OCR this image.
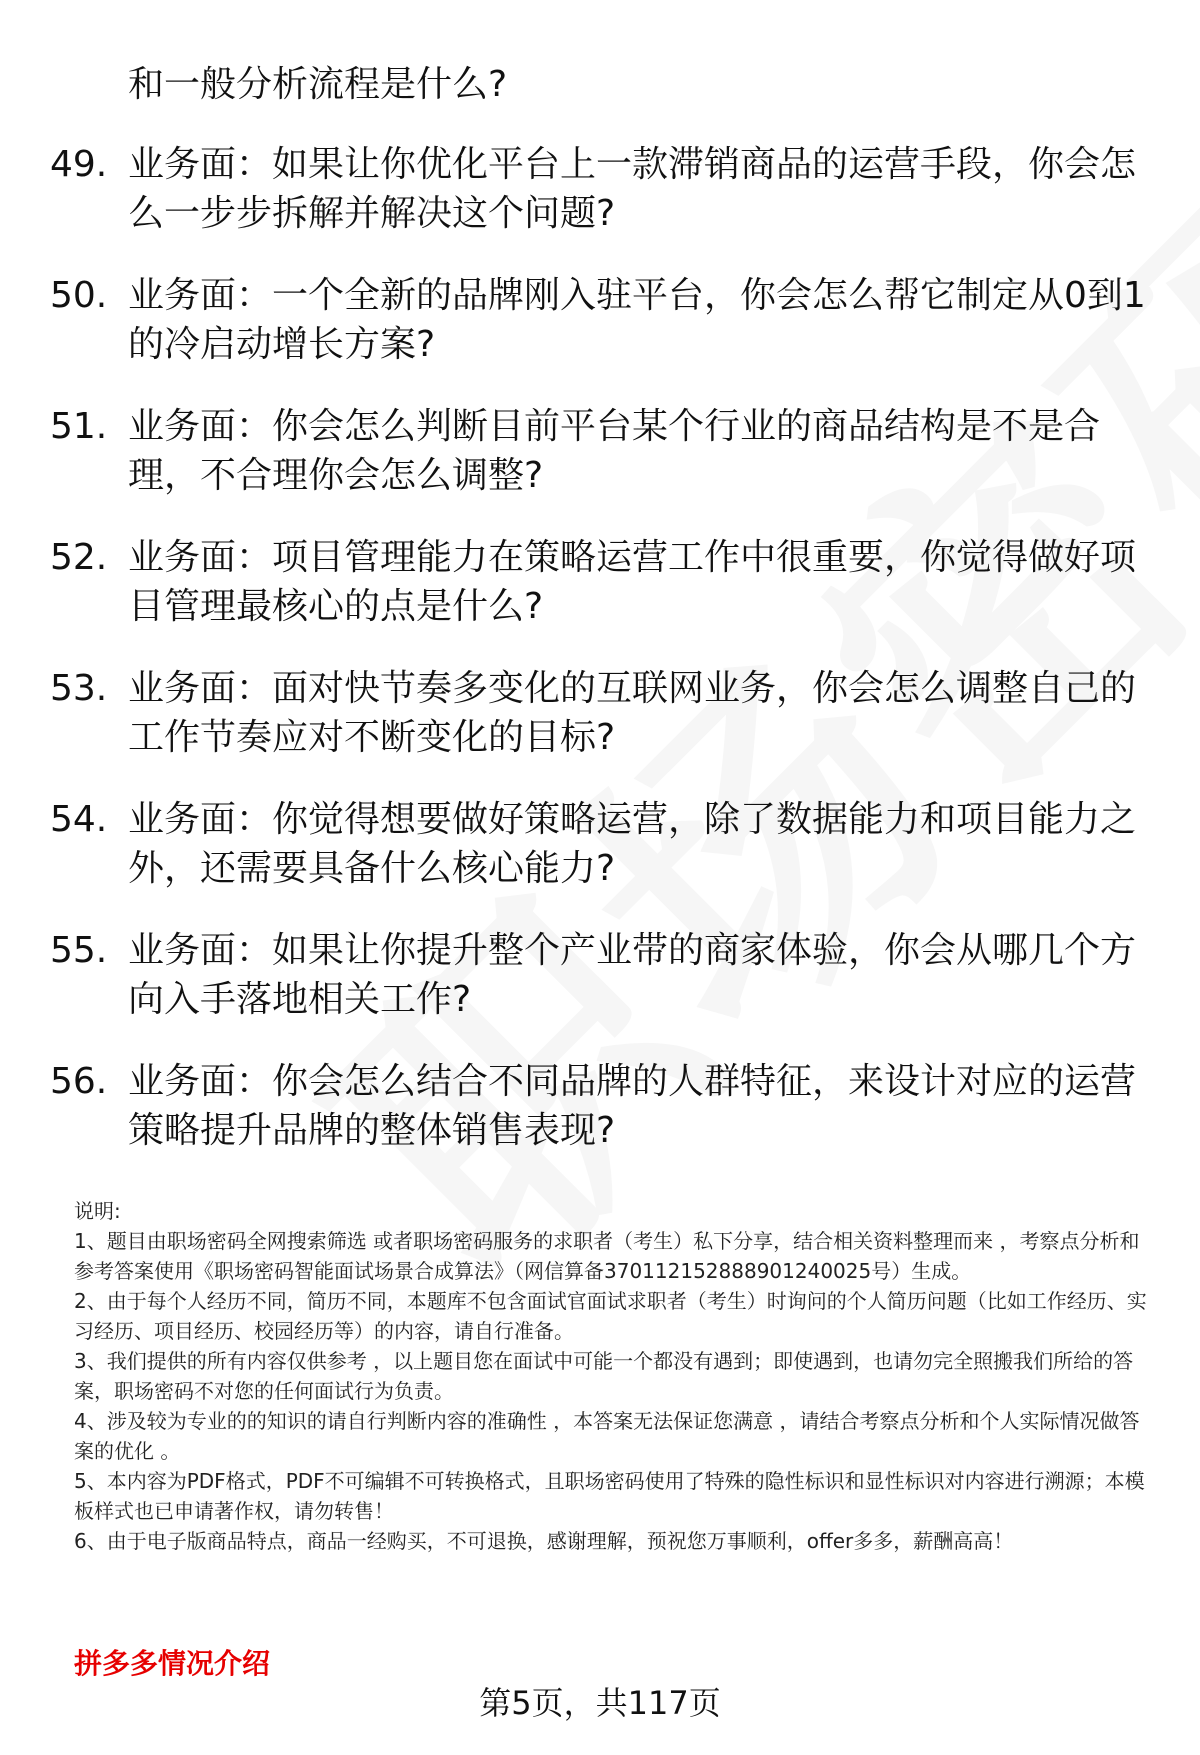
和一般分析流程是什么?
49. 业务面：如果让你优化平台上一款滞销商品的运营手段，你会怎么一步步拆解并解决这个问题?
50. 业务面：一个全新的品牌刚入驻平台，你会怎么帮它制定从0到1的冷启动增长方案?
51. 业务面：你会怎么判断目前平台某个行业的商品结构是不是合理，不合理你会怎么调整?
52. 业务面：项目管理能力在策略运营工作中很重要，你觉得做好项目管理最核心的点是什么?
53. 业务面：面对快节奏多变化的互联网业务，你会怎么调整自己的工作节奏应对不断变化的目标?
54. 业务面：你觉得想要做好策略运营，除了数据能力和项目能力之外，还需要具备什么核心能力?
55. 业务面：如果让你提升整个产业带的商家体验，你会从哪几个方向入手落地相关工作?
56. 业务面：你会怎么结合不同品牌的人群特征，来设计对应的运营策略提升品牌的整体销售表现?

说明:

1、题目由职场密码全网搜索筛选 或者职场密码服务的求职者（考生）私下分享，结合相关资料整理而来 ，考察点分析和参考答案使用《职场密码智能面试场景合成算法》（网信算备370112152888901240025号）生成。

2、由于每个人经历不同，简历不同，本题库不包含面试官面试求职者（考生）时询问的个人简历问题（比如工作经历、实习经历、项目经历、校园经历等）的内容，请自行准备。

3、我们提供的所有内容仅供参考 ，以上题目您在面试中可能一个都没有遇到；即使遇到，也请勿完全照搬我们所给的答案，职场密码不对您的任何面试行为负责。

4、涉及较为专业的的知识的请自行判断内容的准确性 ，本答案无法保证您满意 ，请结合考察点分析和个人实际情况做答案的优化 。

5、本内容为PDF格式，PDF不可编辑不可转换格式，且职场密码使用了特殊的隐性标识和显性标识对内容进行溯源；本模板样式也已申请著作权，请勿转售！

6、由于电子版商品特点，商品一经购买，不可退换，感谢理解，预祝您万事顺利，offer多多，薪酬高高！

拼多多情况介绍
第5页，共117页
